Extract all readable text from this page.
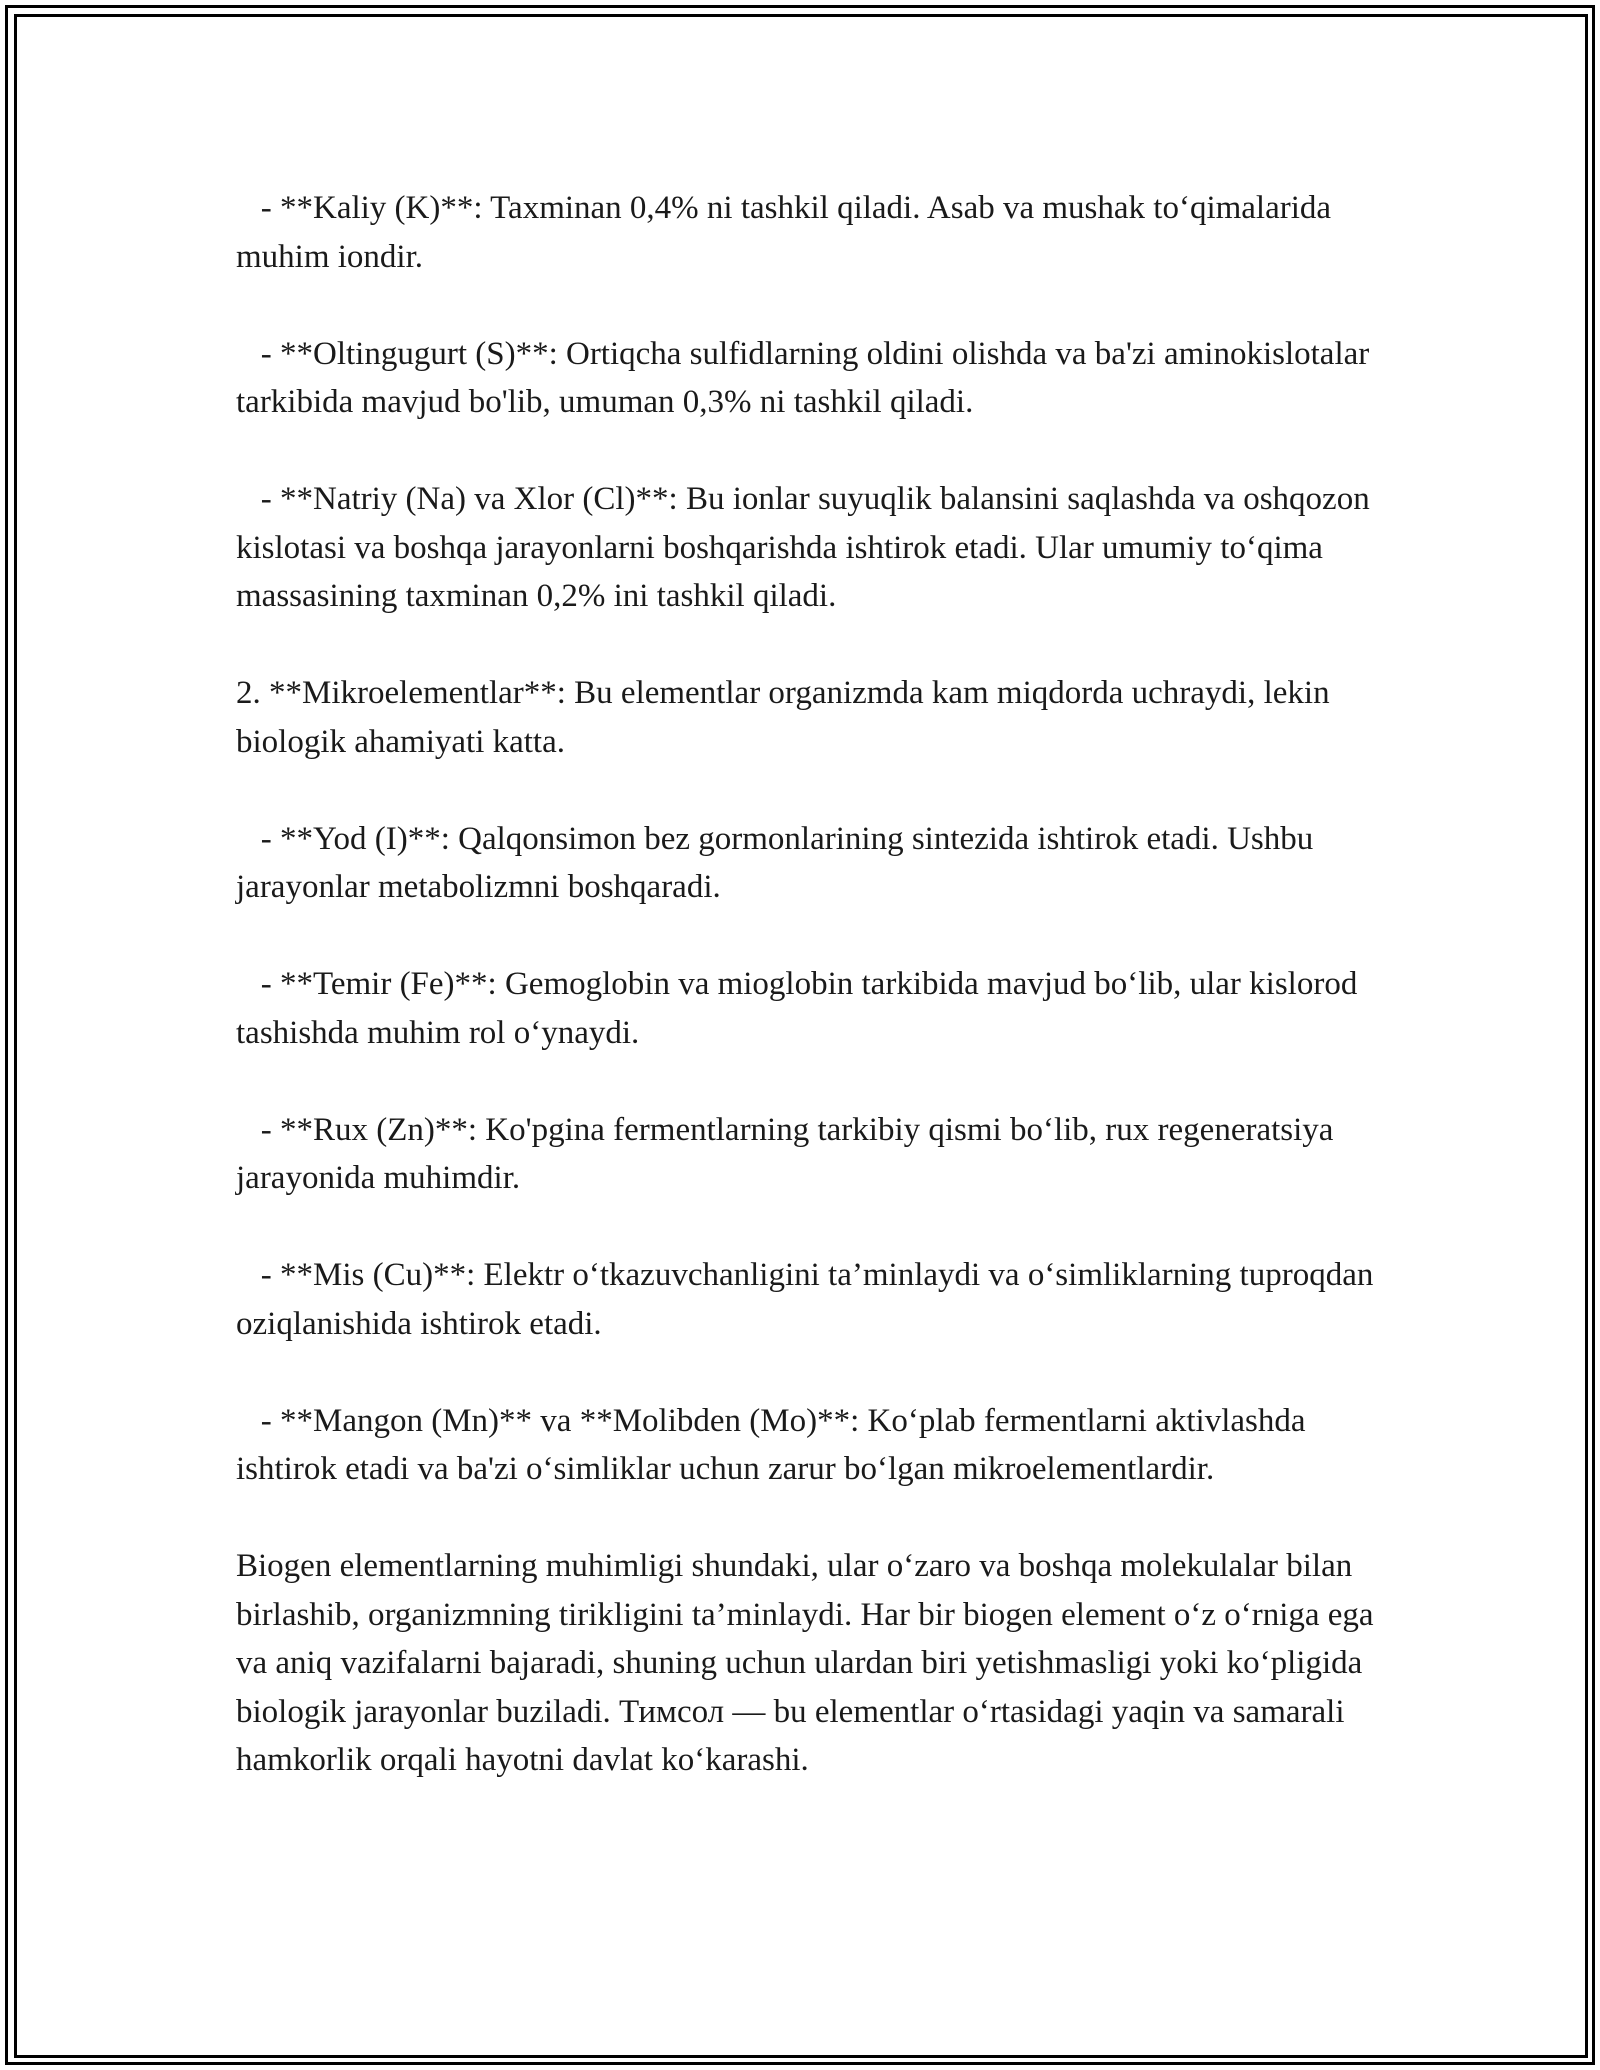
- **Kaliy (K)**: Taxminan 0,4% ni tashkil qiladi. Asab va mushak to‘qimalarida muhim iondir.

- **Oltingugurt (S)**: Ortiqcha sulfidlarning oldini olishda va ba'zi aminokislotalar tarkibida mavjud bo'lib, umuman 0,3% ni tashkil qiladi.

- **Natriy (Na) va Xlor (Cl)**: Bu ionlar suyuqlik balansini saqlashda va oshqozon kislotasi va boshqa jarayonlarni boshqarishda ishtirok etadi. Ular umumiy to‘qima massasining taxminan 0,2% ini tashkil qiladi.

2. **Mikroelementlar**: Bu elementlar organizmda kam miqdorda uchraydi, lekin biologik ahamiyati katta.

- **Yod (I)**: Qalqonsimon bez gormonlarining sintezida ishtirok etadi. Ushbu jarayonlar metabolizmni boshqaradi.

- **Temir (Fe)**: Gemoglobin va mioglobin tarkibida mavjud bo‘lib, ular kislorod tashishda muhim rol o‘ynaydi.

- **Rux (Zn)**: Ko'pgina fermentlarning tarkibiy qismi bo‘lib, rux regeneratsiya jarayonida muhimdir.

- **Mis (Cu)**: Elektr o‘tkazuvchanligini ta’minlaydi va o‘simliklarning tuproqdan oziqlanishida ishtirok etadi.

- **Mangon (Mn)** va **Molibden (Mo)**: Ko‘plab fermentlarni aktivlashda ishtirok etadi va ba'zi o‘simliklar uchun zarur bo‘lgan mikroelementlardir.

Biogen elementlarning muhimligi shundaki, ular o‘zaro va boshqa molekulalar bilan birlashib, organizmning tirikligini ta’minlaydi. Har bir biogen element o‘z o‘rniga ega va aniq vazifalarni bajaradi, shuning uchun ulardan biri yetishmasligi yoki ko‘pligida biologik jarayonlar buziladi. Тимсол — bu elementlar o‘rtasidagi yaqin va samarali hamkorlik orqali hayotni davlat ko‘karashi.
